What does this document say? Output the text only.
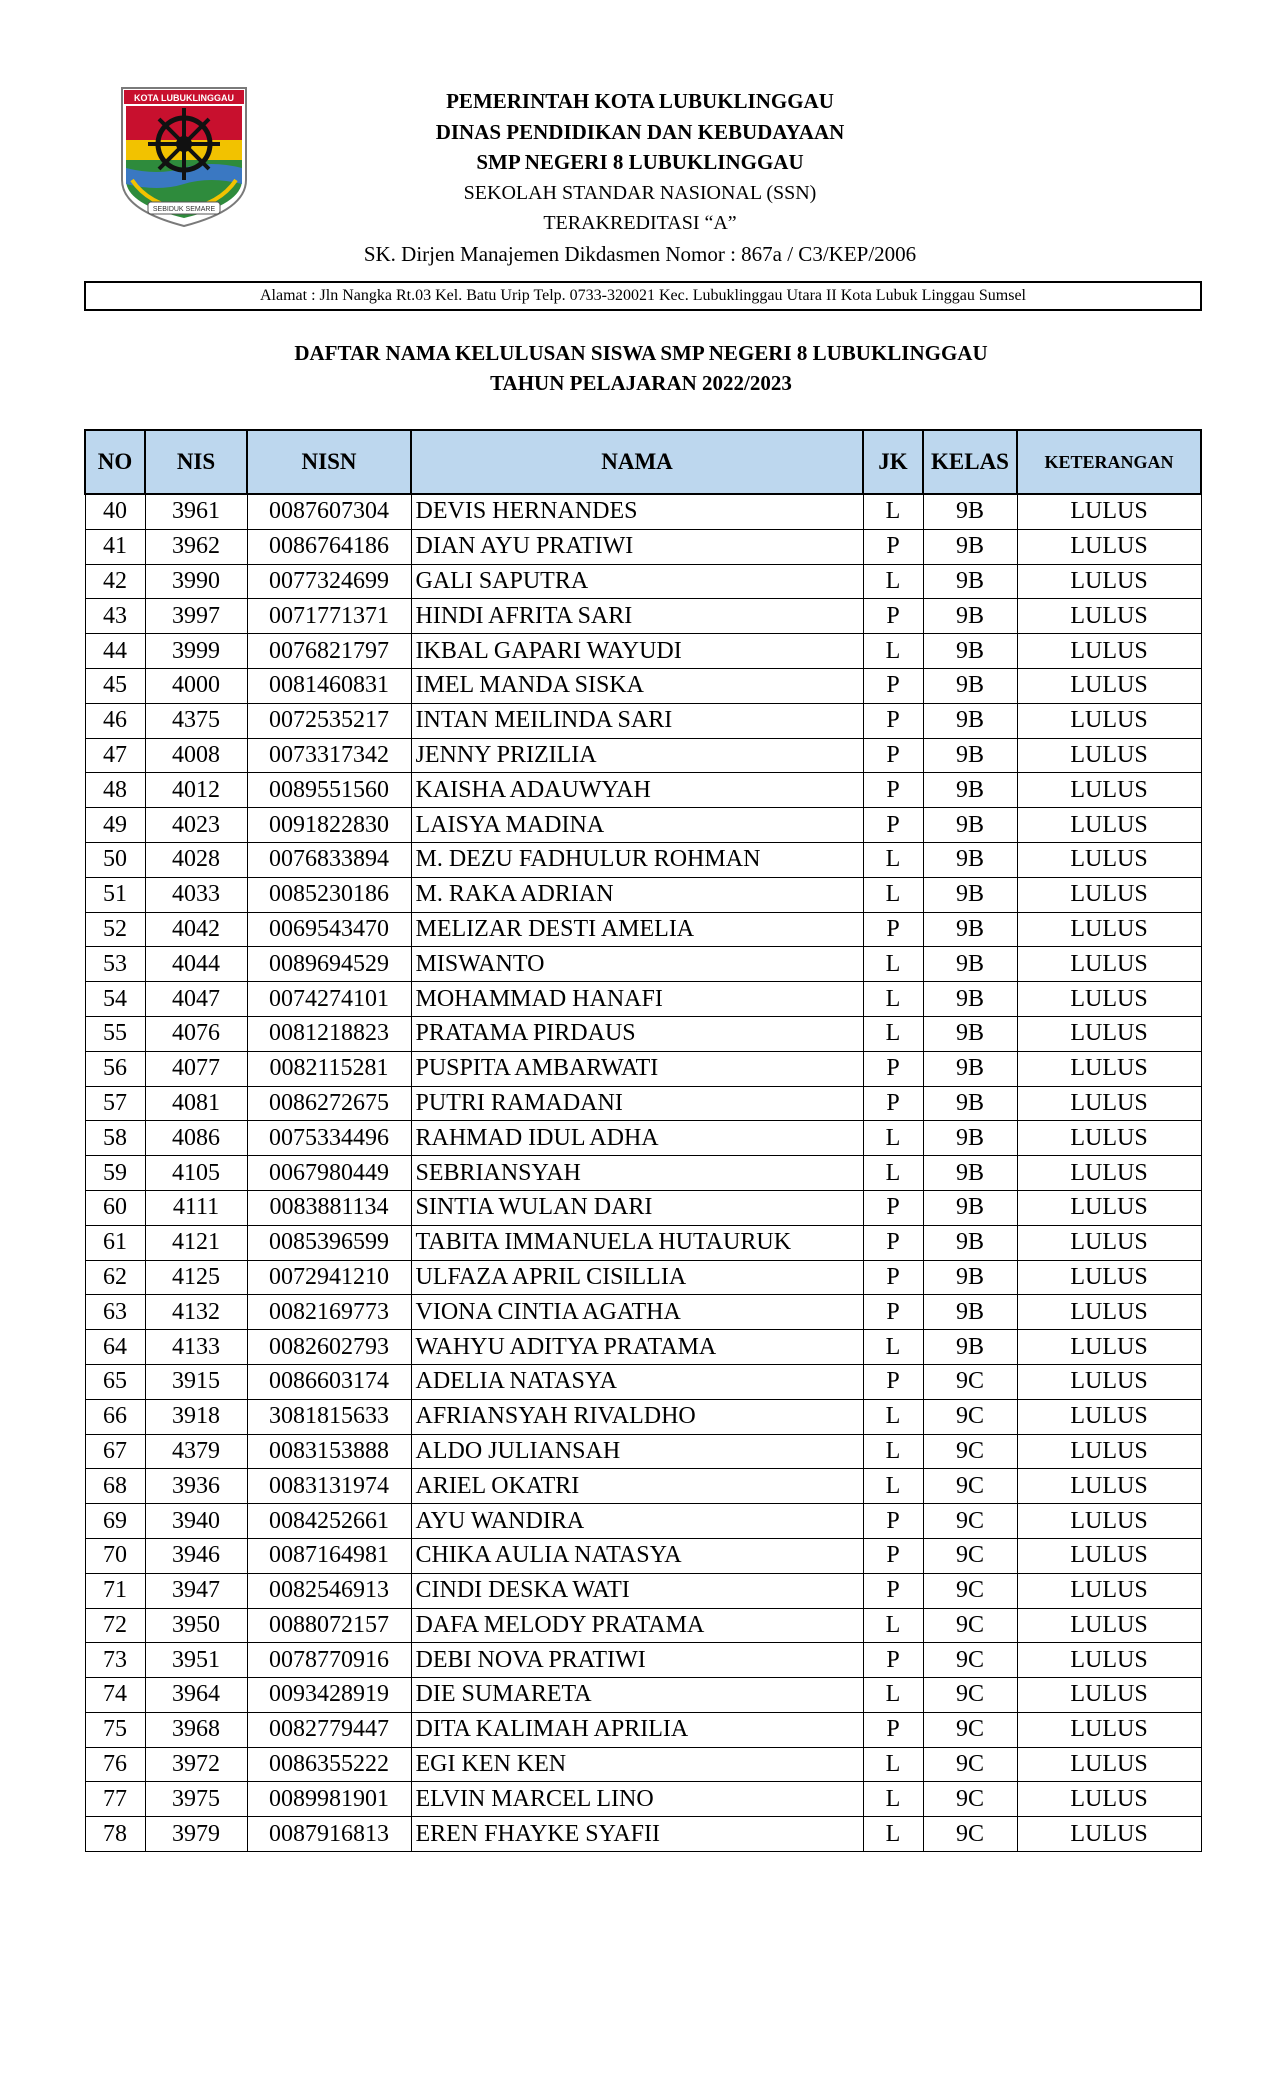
KOTA LUBUKLINGGAU
SEBIDUK SEMARE
PEMERINTAH KOTA LUBUKLINGGAU
DINAS PENDIDIKAN DAN KEBUDAYAAN
SMP NEGERI 8 LUBUKLINGGAU
SEKOLAH STANDAR NASIONAL (SSN)
TERAKREDITASI “A”
SK. Dirjen Manajemen Dikdasmen Nomor : 867a / C3/KEP/2006
Alamat : Jln Nangka Rt.03 Kel. Batu Urip Telp. 0733-320021 Kec. Lubuklinggau Utara II Kota Lubuk Linggau Sumsel
DAFTAR NAMA KELULUSAN SISWA SMP NEGERI 8 LUBUKLINGGAU
TAHUN PELAJARAN 2022/2023
NO	NIS	NISN	NAMA	JK	KELAS	KETERANGAN
40	3961	0087607304	DEVIS HERNANDES	L	9B	LULUS
41	3962	0086764186	DIAN AYU PRATIWI	P	9B	LULUS
42	3990	0077324699	GALI SAPUTRA	L	9B	LULUS
43	3997	0071771371	HINDI AFRITA SARI	P	9B	LULUS
44	3999	0076821797	IKBAL GAPARI WAYUDI	L	9B	LULUS
45	4000	0081460831	IMEL MANDA SISKA	P	9B	LULUS
46	4375	0072535217	INTAN MEILINDA SARI	P	9B	LULUS
47	4008	0073317342	JENNY PRIZILIA	P	9B	LULUS
48	4012	0089551560	KAISHA ADAUWYAH	P	9B	LULUS
49	4023	0091822830	LAISYA MADINA	P	9B	LULUS
50	4028	0076833894	M. DEZU FADHULUR ROHMAN	L	9B	LULUS
51	4033	0085230186	M. RAKA ADRIAN	L	9B	LULUS
52	4042	0069543470	MELIZAR DESTI AMELIA	P	9B	LULUS
53	4044	0089694529	MISWANTO	L	9B	LULUS
54	4047	0074274101	MOHAMMAD HANAFI	L	9B	LULUS
55	4076	0081218823	PRATAMA PIRDAUS	L	9B	LULUS
56	4077	0082115281	PUSPITA AMBARWATI	P	9B	LULUS
57	4081	0086272675	PUTRI RAMADANI	P	9B	LULUS
58	4086	0075334496	RAHMAD IDUL ADHA	L	9B	LULUS
59	4105	0067980449	SEBRIANSYAH	L	9B	LULUS
60	4111	0083881134	SINTIA WULAN DARI	P	9B	LULUS
61	4121	0085396599	TABITA IMMANUELA HUTAURUK	P	9B	LULUS
62	4125	0072941210	ULFAZA APRIL CISILLIA	P	9B	LULUS
63	4132	0082169773	VIONA CINTIA AGATHA	P	9B	LULUS
64	4133	0082602793	WAHYU ADITYA PRATAMA	L	9B	LULUS
65	3915	0086603174	ADELIA NATASYA	P	9C	LULUS
66	3918	3081815633	AFRIANSYAH RIVALDHO	L	9C	LULUS
67	4379	0083153888	ALDO JULIANSAH	L	9C	LULUS
68	3936	0083131974	ARIEL OKATRI	L	9C	LULUS
69	3940	0084252661	AYU WANDIRA	P	9C	LULUS
70	3946	0087164981	CHIKA AULIA NATASYA	P	9C	LULUS
71	3947	0082546913	CINDI DESKA WATI	P	9C	LULUS
72	3950	0088072157	DAFA MELODY PRATAMA	L	9C	LULUS
73	3951	0078770916	DEBI NOVA PRATIWI	P	9C	LULUS
74	3964	0093428919	DIE SUMARETA	L	9C	LULUS
75	3968	0082779447	DITA KALIMAH APRILIA	P	9C	LULUS
76	3972	0086355222	EGI KEN KEN	L	9C	LULUS
77	3975	0089981901	ELVIN MARCEL LINO	L	9C	LULUS
78	3979	0087916813	EREN FHAYKE SYAFII	L	9C	LULUS
